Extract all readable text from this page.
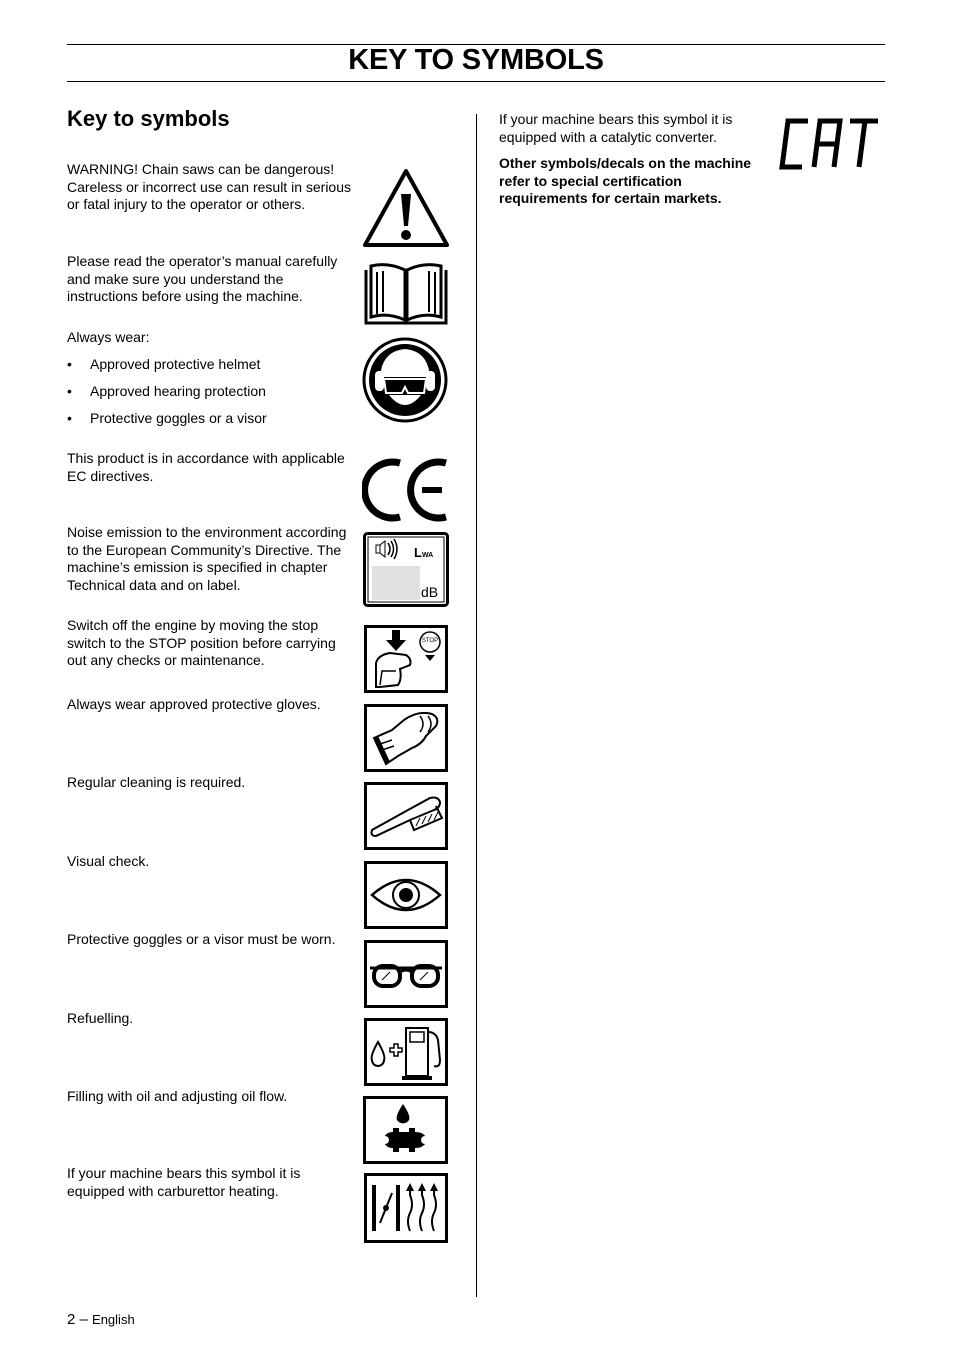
KEY TO SYMBOLS
Key to symbols

WARNING! Chain saws can be dangerous! Careless or incorrect use can result in serious or fatal injury to the operator or others.

Please read the operator’s manual carefully and make sure you understand the instructions before using the machine.

Always wear:
• Approved protective helmet
• Approved hearing protection
• Protective goggles or a visor

This product is in accordance with applicable EC directives.

Noise emission to the environment according to the European Community’s Directive. The machine’s emission is specified in chapter Technical data and on label.

LWA
dB

Switch off the engine by moving the stop switch to the STOP position before carrying out any checks or maintenance.

STOP

Always wear approved protective gloves.

Regular cleaning is required.

Visual check.

Protective goggles or a visor must be worn.

Refuelling.

Filling with oil and adjusting oil flow.

If your machine bears this symbol it is equipped with carburettor heating.

If your machine bears this symbol it is equipped with a catalytic converter.

Other symbols/decals on the machine refer to special certification requirements for certain markets.

2 – English
